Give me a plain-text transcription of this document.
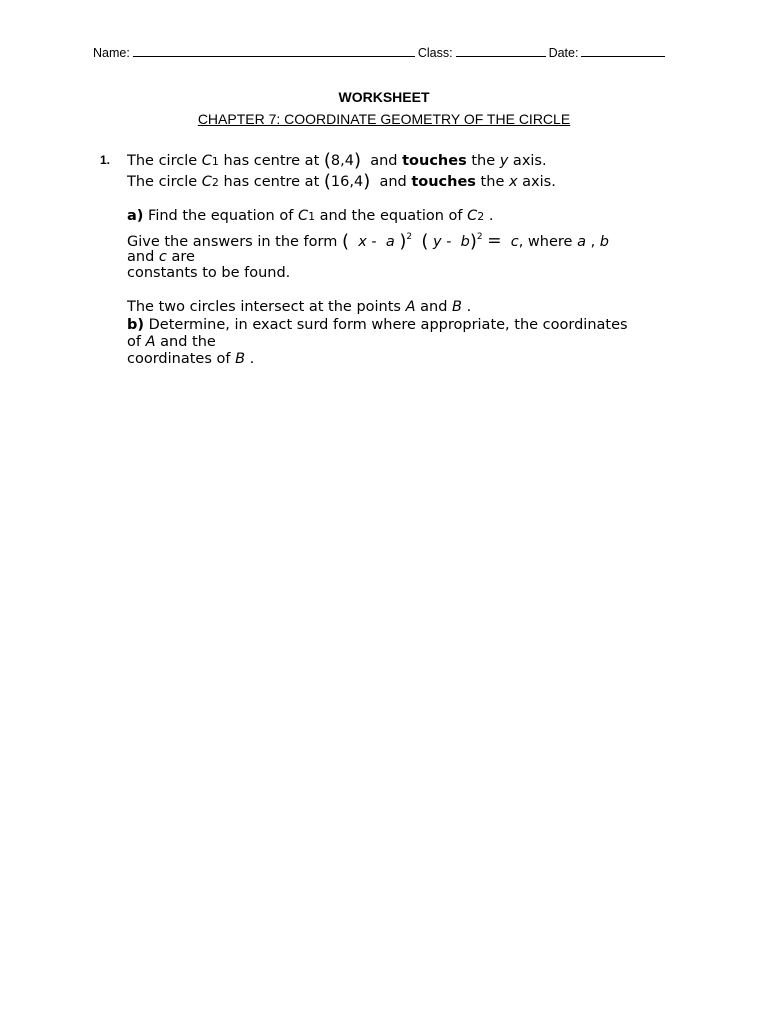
Name:	Class:	Date:
WORKSHEET
CHAPTER 7: COORDINATE GEOMETRY OF THE CIRCLE
1. The circle C1 has centre at (8,4) and touches the y axis.
The circle C2 has centre at (16,4) and touches the x axis.
a) Find the equation of C1 and the equation of C2 .
Give the answers in the form ( x - a )$^2$ ( y - b)$^2$ = c, where a , b
and c are
constants to be found.
The two circles intersect at the points A and B .
b) Determine, in exact surd form where appropriate, the coordinates
of A and the
coordinates of B .
